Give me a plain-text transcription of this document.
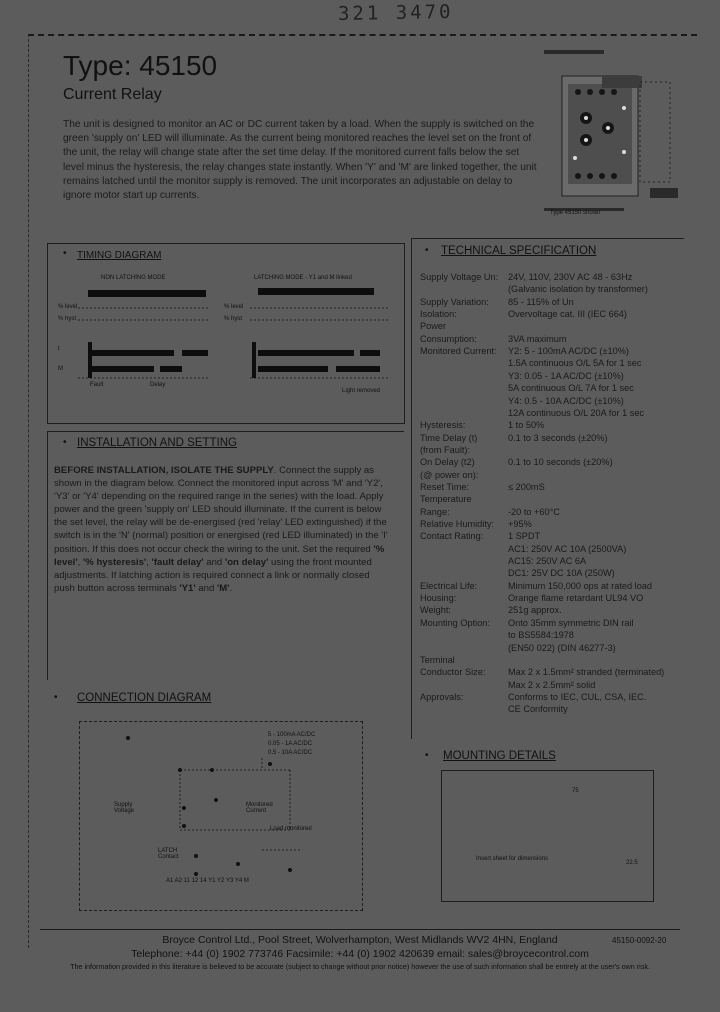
321 3470
Type: 45150
Current Relay
The unit is designed to monitor an AC or DC current taken by a load. When the supply is switched on the green 'supply on' LED will illuminate. As the current being monitored reaches the level set on the front of the unit, the relay will change state after the set time delay. If the monitored current falls below the set level minus the hysteresis, the relay changes state instantly. When 'Y' and 'M' are linked together, the unit remains latched until the monitor supply is removed. The unit incorporates an adjustable on delay to ignore motor start up currents.
• TIMING DIAGRAM
NON LATCHING MODE	LATCHING MODE - Y1 and M linked
% level
% hyst
% level
% hyst
t
M
Fault	Delay
Light removed
• TECHNICAL SPECIFICATION
Supply Voltage Un: 24V, 110V, 230V AC 48 - 63Hz
(Galvanic isolation by transformer)
Supply Variation: 85 - 115% of Un
Isolation:	Overvoltage cat. III (IEC 664)
Power
Consumption:	3VA maximum
Monitored Current: Y2: 5 - 100mA AC/DC (±10%)
1.5A continuous O/L 5A for 1 sec
Y3: 0.05 - 1A AC/DC (±10%)
5A continuous O/L 7A for 1 sec
Y4: 0.5 - 10A AC/DC (±10%)
12A continuous O/L 20A for 1 sec
Hysteresis:	1 to 50%
Time Delay (t)	0.1 to 3 seconds (±20%)
(from Fault):
On Delay (t2)	0.1 to 10 seconds (±20%)
(@ power on):
Reset Time:	≤ 200mS
Temperature
Range:	-20 to +60°C
Relative Humidity: +95%
Contact Rating:	1 SPDT
AC1: 250V AC 10A (2500VA)
AC15: 250V AC 6A
DC1: 25V DC 10A (250W)
Electrical Life:	Minimum 150,000 ops at rated load
Housing:	Orange flame retardant UL94 VO
Weight:	251g approx.
Mounting Option: Onto 35mm symmetric DIN rail
to BS5584:1978
(EN50 022) (DIN 46277-3)
Terminal
Conductor Size: Max 2 x 1.5mm² stranded (terminated)
Max 2 x 2.5mm² solid
Approvals:	Conforms to IEC, CUL, CSA, IEC.
CE Conformity
• INSTALLATION AND SETTING
BEFORE INSTALLATION, ISOLATE THE SUPPLY. Connect the supply as shown in the diagram below. Connect the monitored input across 'M' and 'Y2', 'Y3' or 'Y4' depending on the required range in the series) with the load. Apply power and the green 'supply on' LED should illuminate. If the current is below the set level, the relay will be de-energised (red 'relay' LED extinguished) if the switch is in the 'N' (normal) position or energised (red LED illuminated) in the 'I' position. If this does not occur check the wiring to the unit. Set the required '% level', '% hysteresis', 'fault delay' and 'on delay' using the front mounted adjustments. If latching action is required connect a link or normally closed push button across terminals 'Y1' and 'M'.
• CONNECTION DIAGRAM
5 - 100mA AC/DC
0.05 - 1A AC/DC
0.5 - 10A AC/DC
Supply Voltage
Monitored Current
LATCH Contact
Load monitored
A1 A2 11 12 14 Y1 Y2 Y3 Y4 M
• MOUNTING DETAILS
Insert sheet for dimensions
75
22.5
Type 45150 shown
Broyce Control Ltd., Pool Street, Wolverhampton, West Midlands WV2 4HN, England	45150-0092-20
Telephone: +44 (0) 1902 773746 Facsimile: +44 (0) 1902 420639 email: sales@broycecontrol.com
The information provided in this literature is believed to be accurate (subject to change without prior notice) however the use of such information shall be entirely at the user's own risk.
